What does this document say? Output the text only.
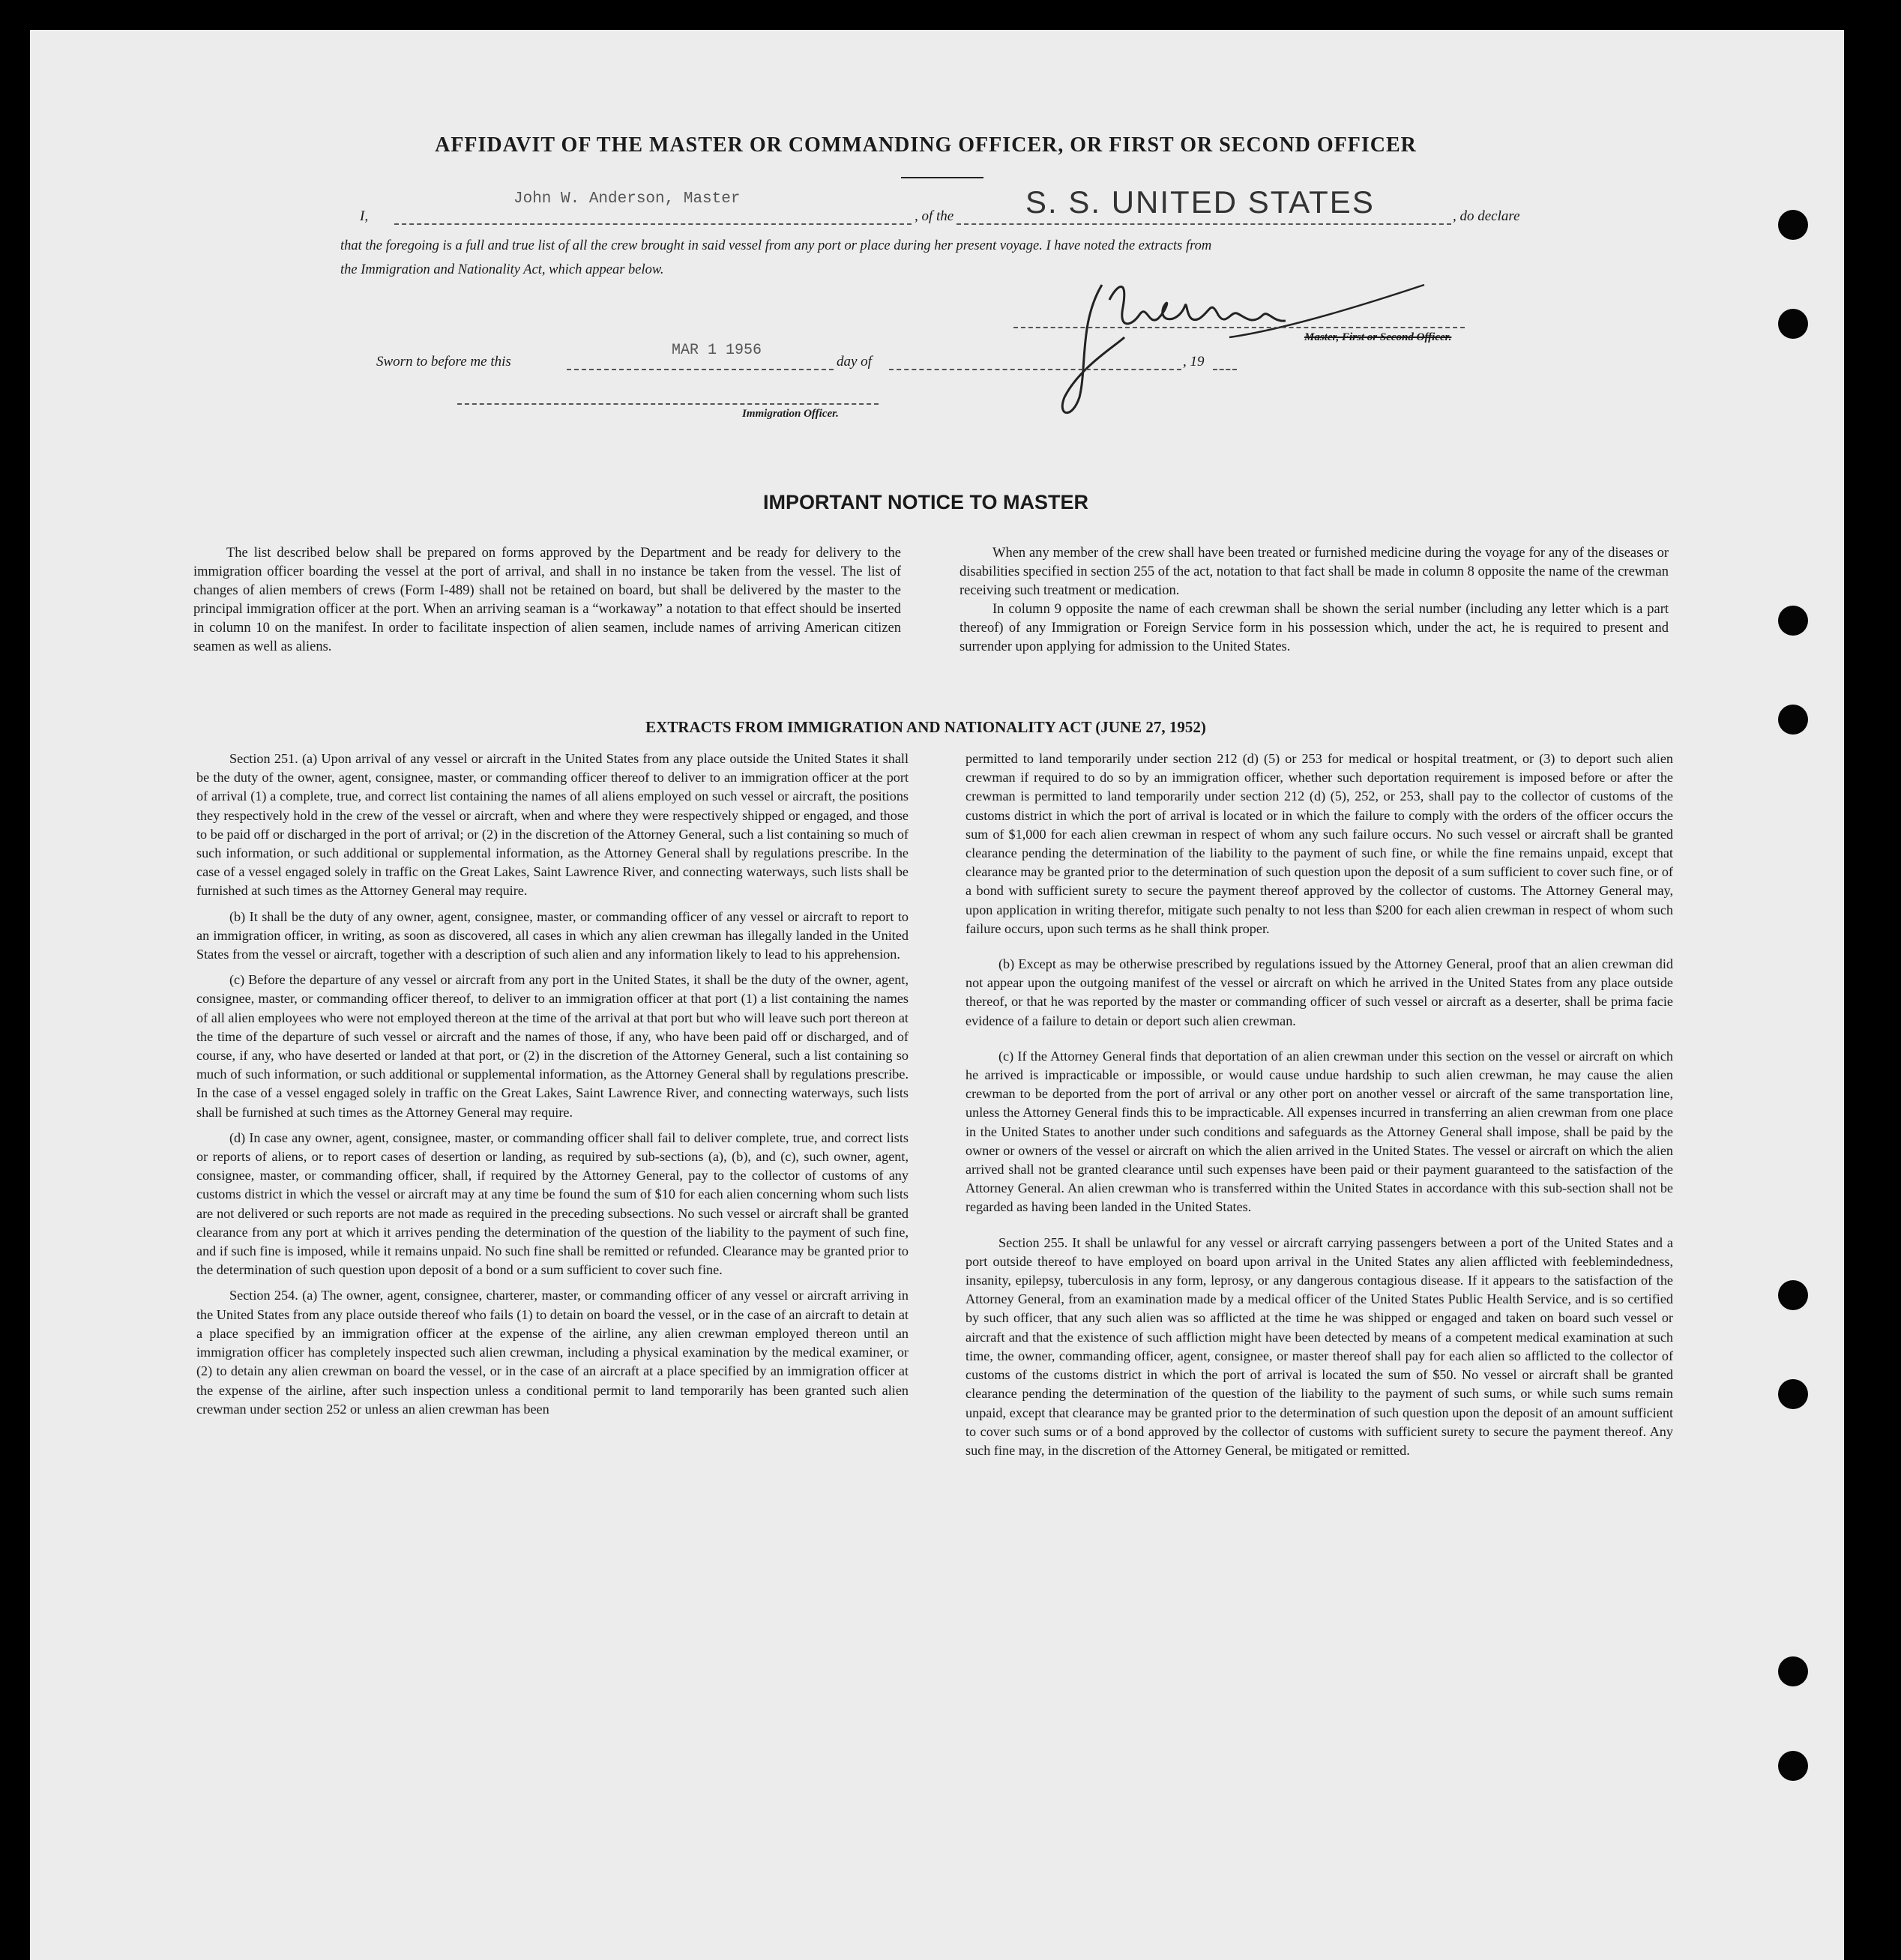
AFFIDAVIT OF THE MASTER OR COMMANDING OFFICER, OR FIRST OR SECOND OFFICER
I,
John W. Anderson, Master
, of the S. S. UNITED STATES	, do declare
that the foregoing is a full and true list of all the crew brought in said vessel from any port or place during her present voyage. I have noted the extracts from
the Immigration and Nationality Act, which appear below.
Master, First or Second Officer.
Sworn to before me this
MAR 1 1956
day of	, 19
Immigration Officer.
IMPORTANT NOTICE TO MASTER

The list described below shall be prepared on forms approved by the Department and be ready for delivery to the immigration officer boarding the vessel at the port of arrival, and shall in no instance be taken from the vessel. The list of changes of alien members of crews (Form I-489) shall not be retained on board, but shall be delivered by the master to the principal immigration officer at the port. When an arriving seaman is a “workaway” a notation to that effect should be inserted in column 10 on the manifest. In order to facilitate inspection of alien seamen, include names of arriving American citizen seamen as well as aliens.

When any member of the crew shall have been treated or furnished medicine during the voyage for any of the diseases or disabilities specified in section 255 of the act, notation to that fact shall be made in column 8 opposite the name of the crewman receiving such treatment or medication.

In column 9 opposite the name of each crewman shall be shown the serial number (including any letter which is a part thereof) of any Immigration or Foreign Service form in his possession which, under the act, he is required to present and surrender upon applying for admission to the United States.

EXTRACTS FROM IMMIGRATION AND NATIONALITY ACT (JUNE 27, 1952)

Section 251. (a) Upon arrival of any vessel or aircraft in the United States from any place outside the United States it shall be the duty of the owner, agent, consignee, master, or commanding officer thereof to deliver to an immigration officer at the port of arrival (1) a complete, true, and correct list containing the names of all aliens employed on such vessel or aircraft, the positions they respectively hold in the crew of the vessel or aircraft, when and where they were respectively shipped or engaged, and those to be paid off or discharged in the port of arrival; or (2) in the discretion of the Attorney General, such a list containing so much of such information, or such additional or supplemental information, as the Attorney General shall by regulations prescribe. In the case of a vessel engaged solely in traffic on the Great Lakes, Saint Lawrence River, and connecting waterways, such lists shall be furnished at such times as the Attorney General may require.

(b) It shall be the duty of any owner, agent, consignee, master, or commanding officer of any vessel or aircraft to report to an immigration officer, in writing, as soon as discovered, all cases in which any alien crewman has illegally landed in the United States from the vessel or aircraft, together with a description of such alien and any information likely to lead to his apprehension.

(c) Before the departure of any vessel or aircraft from any port in the United States, it shall be the duty of the owner, agent, consignee, master, or commanding officer thereof, to deliver to an immigration officer at that port (1) a list containing the names of all alien employees who were not employed thereon at the time of the arrival at that port but who will leave such port thereon at the time of the departure of such vessel or aircraft and the names of those, if any, who have been paid off or discharged, and of course, if any, who have deserted or landed at that port, or (2) in the discretion of the Attorney General, such a list containing so much of such information, or such additional or supplemental information, as the Attorney General shall by regulations prescribe. In the case of a vessel engaged solely in traffic on the Great Lakes, Saint Lawrence River, and connecting waterways, such lists shall be furnished at such times as the Attorney General may require.

(d) In case any owner, agent, consignee, master, or commanding officer shall fail to deliver complete, true, and correct lists or reports of aliens, or to report cases of desertion or landing, as required by sub-sections (a), (b), and (c), such owner, agent, consignee, master, or commanding officer, shall, if required by the Attorney General, pay to the collector of customs of any customs district in which the vessel or aircraft may at any time be found the sum of $10 for each alien concerning whom such lists are not delivered or such reports are not made as required in the preceding subsections. No such vessel or aircraft shall be granted clearance from any port at which it arrives pending the determination of the question of the liability to the payment of such fine, and if such fine is imposed, while it remains unpaid. No such fine shall be remitted or refunded. Clearance may be granted prior to the determination of such question upon deposit of a bond or a sum sufficient to cover such fine.

Section 254. (a) The owner, agent, consignee, charterer, master, or commanding officer of any vessel or aircraft arriving in the United States from any place outside thereof who fails (1) to detain on board the vessel, or in the case of an aircraft to detain at a place specified by an immigration officer at the expense of the airline, any alien crewman employed thereon until an immigration officer has completely inspected such alien crewman, including a physical examination by the medical examiner, or (2) to detain any alien crewman on board the vessel, or in the case of an aircraft at a place specified by an immigration officer at the expense of the airline, after such inspection unless a conditional permit to land temporarily has been granted such alien crewman under section 252 or unless an alien crewman has been

permitted to land temporarily under section 212 (d) (5) or 253 for medical or hospital treatment, or (3) to deport such alien crewman if required to do so by an immigration officer, whether such deportation requirement is imposed before or after the crewman is permitted to land temporarily under section 212 (d) (5), 252, or 253, shall pay to the collector of customs of the customs district in which the port of arrival is located or in which the failure to comply with the orders of the officer occurs the sum of $1,000 for each alien crewman in respect of whom any such failure occurs. No such vessel or aircraft shall be granted clearance pending the determination of the liability to the payment of such fine, or while the fine remains unpaid, except that clearance may be granted prior to the determination of such question upon the deposit of a sum sufficient to cover such fine, or of a bond with sufficient surety to secure the payment thereof approved by the collector of customs. The Attorney General may, upon application in writing therefor, mitigate such penalty to not less than $200 for each alien crewman in respect of whom such failure occurs, upon such terms as he shall think proper.

(b) Except as may be otherwise prescribed by regulations issued by the Attorney General, proof that an alien crewman did not appear upon the outgoing manifest of the vessel or aircraft on which he arrived in the United States from any place outside thereof, or that he was reported by the master or commanding officer of such vessel or aircraft as a deserter, shall be prima facie evidence of a failure to detain or deport such alien crewman.

(c) If the Attorney General finds that deportation of an alien crewman under this section on the vessel or aircraft on which he arrived is impracticable or impossible, or would cause undue hardship to such alien crewman, he may cause the alien crewman to be deported from the port of arrival or any other port on another vessel or aircraft of the same transportation line, unless the Attorney General finds this to be impracticable. All expenses incurred in transferring an alien crewman from one place in the United States to another under such conditions and safeguards as the Attorney General shall impose, shall be paid by the owner or owners of the vessel or aircraft on which the alien arrived in the United States. The vessel or aircraft on which the alien arrived shall not be granted clearance until such expenses have been paid or their payment guaranteed to the satisfaction of the Attorney General. An alien crewman who is transferred within the United States in accordance with this sub-section shall not be regarded as having been landed in the United States.

Section 255. It shall be unlawful for any vessel or aircraft carrying passengers between a port of the United States and a port outside thereof to have employed on board upon arrival in the United States any alien afflicted with feeblemindedness, insanity, epilepsy, tuberculosis in any form, leprosy, or any dangerous contagious disease. If it appears to the satisfaction of the Attorney General, from an examination made by a medical officer of the United States Public Health Service, and is so certified by such officer, that any such alien was so afflicted at the time he was shipped or engaged and taken on board such vessel or aircraft and that the existence of such affliction might have been detected by means of a competent medical examination at such time, the owner, commanding officer, agent, consignee, or master thereof shall pay for each alien so afflicted to the collector of customs of the customs district in which the port of arrival is located the sum of $50. No vessel or aircraft shall be granted clearance pending the determination of the question of the liability to the payment of such sums, or while such sums remain unpaid, except that clearance may be granted prior to the determination of such question upon the deposit of an amount sufficient to cover such sums or of a bond approved by the collector of customs with sufficient surety to secure the payment thereof. Any such fine may, in the discretion of the Attorney General, be mitigated or remitted.
